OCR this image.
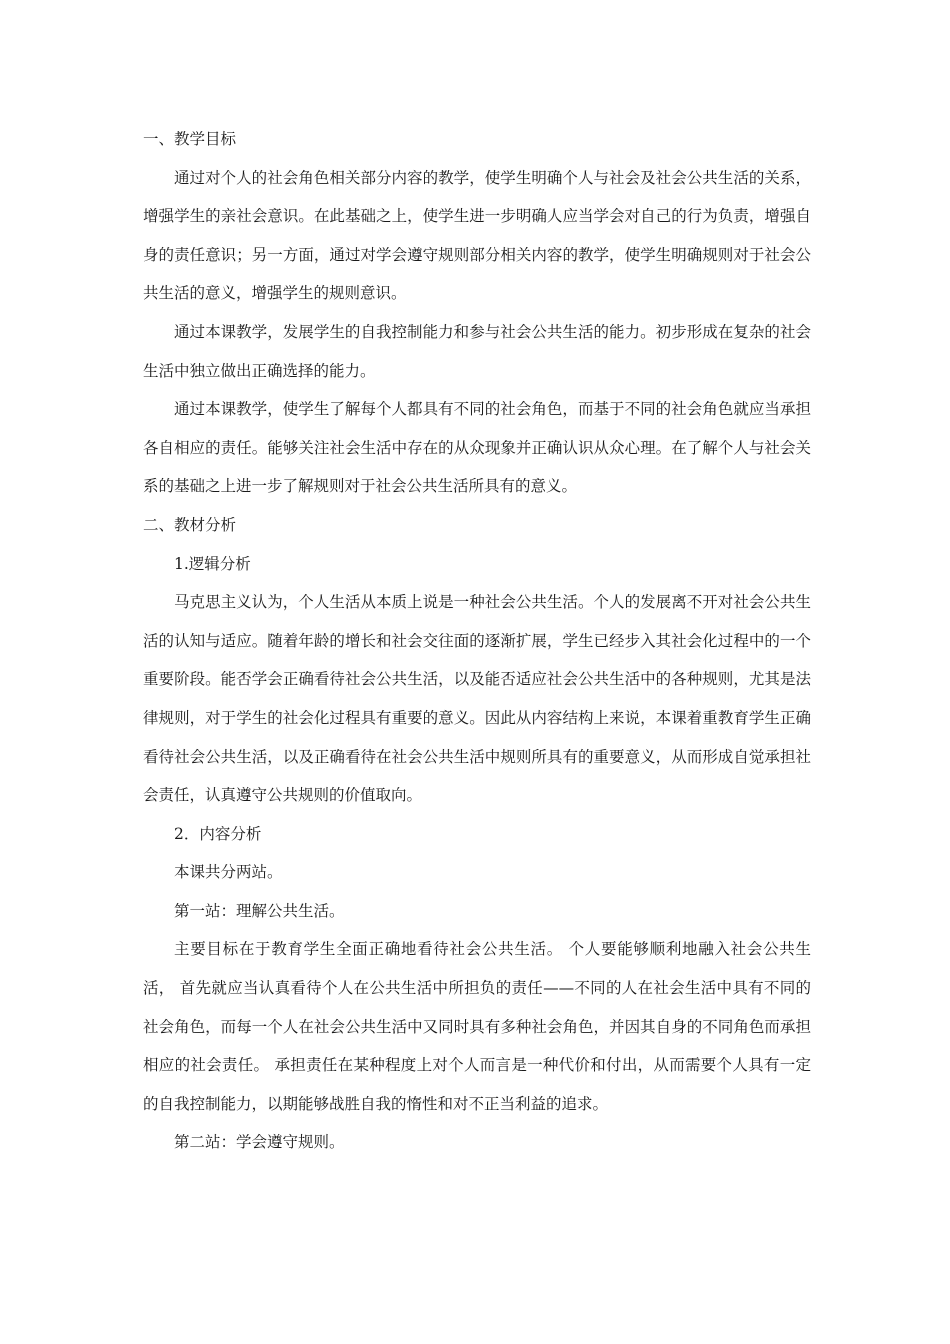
一、教学目标

通过对个人的社会角色相关部分内容的教学，使学生明确个人与社会及社会公共生活的关系，增强学生的亲社会意识。在此基础之上，使学生进一步明确人应当学会对自己的行为负责，增强自身的责任意识；另一方面，通过对学会遵守规则部分相关内容的教学，使学生明确规则对于社会公共生活的意义，增强学生的规则意识。

通过本课教学，发展学生的自我控制能力和参与社会公共生活的能力。初步形成在复杂的社会生活中独立做出正确选择的能力。

通过本课教学，使学生了解每个人都具有不同的社会角色，而基于不同的社会角色就应当承担各自相应的责任。能够关注社会生活中存在的从众现象并正确认识从众心理。在了解个人与社会关系的基础之上进一步了解规则对于社会公共生活所具有的意义。

二、教材分析

1.逻辑分析

马克思主义认为，个人生活从本质上说是一种社会公共生活。个人的发展离不开对社会公共生活的认知与适应。随着年龄的增长和社会交往面的逐渐扩展，学生已经步入其社会化过程中的一个重要阶段。能否学会正确看待社会公共生活，以及能否适应社会公共生活中的各种规则，尤其是法律规则，对于学生的社会化过程具有重要的意义。因此从内容结构上来说，本课着重教育学生正确看待社会公共生活，以及正确看待在社会公共生活中规则所具有的重要意义，从而形成自觉承担社会责任，认真遵守公共规则的价值取向。

2．内容分析

本课共分两站。

第一站：理解公共生活。

主要目标在于教育学生全面正确地看待社会公共生活。 个人要能够顺利地融入社会公共生活， 首先就应当认真看待个人在公共生活中所担负的责任——不同的人在社会生活中具有不同的社会角色，而每一个人在社会公共生活中又同时具有多种社会角色，并因其自身的不同角色而承担相应的社会责任。 承担责任在某种程度上对个人而言是一种代价和付出，从而需要个人具有一定的自我控制能力，以期能够战胜自我的惰性和对不正当利益的追求。

第二站：学会遵守规则。
